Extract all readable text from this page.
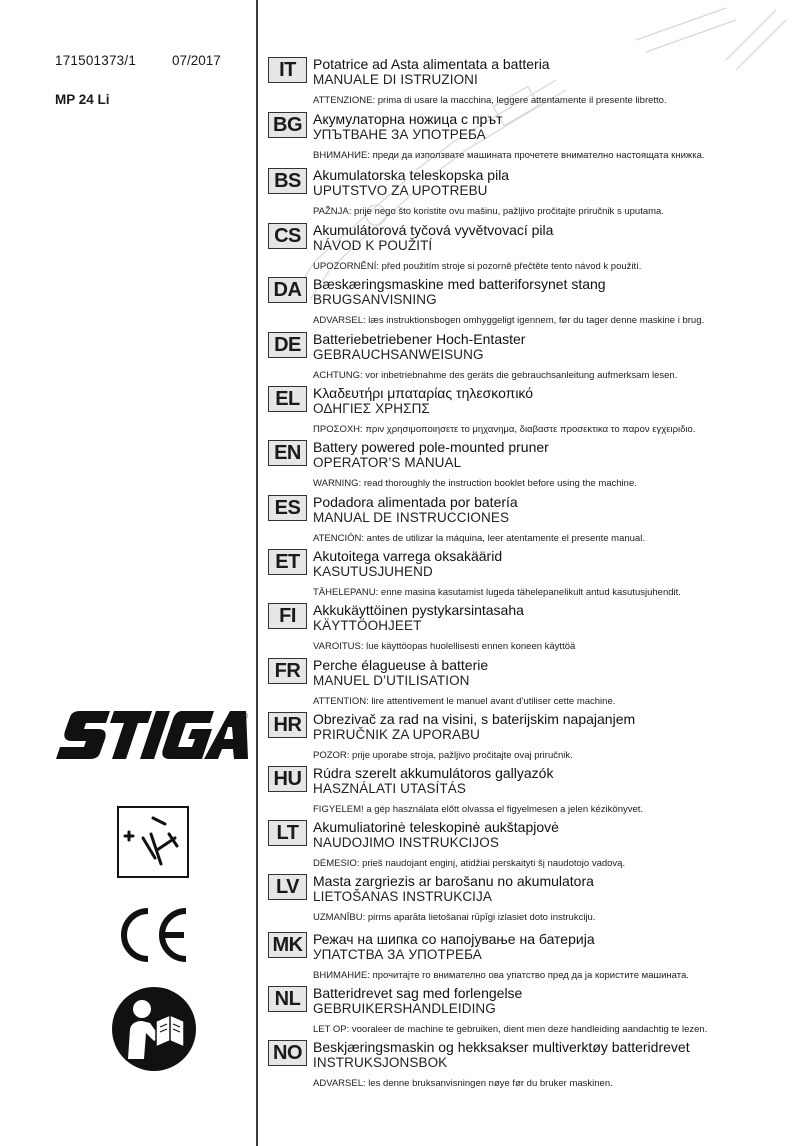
171501373/1	07/2017
MP 24 Li
®
IT	Potatrice ad Asta alimentata a batteria
MANUALE DI ISTRUZIONI
ATTENZIONE: prima di usare la macchina, leggere attentamente il presente libretto.
BG Акумулаторна ножица с прът
УПЪТВАНЕ ЗА УПОТРЕБА
ВНИМАНИЕ: преди да използвате машината прочетете внимателно настоящата книжка.
BS Akumulatorska teleskopska pila
UPUTSTVO ZA UPOTREBU
PAŽNJA: prije nego što koristite ovu mašinu, pažljivo pročitajte priručnik s uputama.
CS Akumulátorová tyčová vyvětvovací pila
NÁVOD K POUŽITÍ
UPOZORNĚNÍ: před použitím stroje si pozorně přečtěte tento návod k použití.
DA Bæskæringsmaskine med batteriforsynet stang
BRUGSANVISNING
ADVARSEL: læs instruktionsbogen omhyggeligt igennem, før du tager denne maskine i brug.
DE Batteriebetriebener Hoch-Entaster
GEBRAUCHSANWEISUNG
ACHTUNG: vor inbetriebnahme des geräts die gebrauchsanleitung aufmerksam lesen.
EL Κλαδευτήρι μπαταρίας τηλεσκοπικό
ΟΔΗΓΙΕΣ ΧΡΗΣΠΣ
ΠΡΟΣΟΧΗ: πριν χρησιμοποιησετε το μηχανημα, διαβαστε προσεκτικα το παρον εγχειριδιο.
EN Battery powered pole-mounted pruner
OPERATOR’S MANUAL
WARNING: read thoroughly the instruction booklet before using the machine.
ES Podadora alimentada por batería
MANUAL DE INSTRUCCIONES
ATENCIÓN: antes de utilizar la máquina, leer atentamente el presente manual.
ET Akutoitega varrega oksakäärid
KASUTUSJUHEND
TÄHELEPANU: enne masina kasutamist lugeda tähelepanelikult antud kasutusjuhendit.
FI	Akkukäyttöinen pystykarsintasaha
KÄYTTÖOHJEET
VAROITUS: lue käyttöopas huolellisesti ennen koneen käyttöä
FR Perche élagueuse à batterie
MANUEL D’UTILISATION
ATTENTION: lire attentivement le manuel avant d’utiliser cette machine.
HR Obrezivač za rad na visini, s baterijskim napajanjem
PRIRUČNIK ZA UPORABU
POZOR: prije uporabe stroja, pažljivo pročitajte ovaj priručnik.
HU Rúdra szerelt akkumulátoros gallyazók
HASZNÁLATI UTASÍTÁS
FIGYELEM! a gép használata előtt olvassa el figyelmesen a jelen kézikönyvet.
LT	Akumuliatorinė teleskopinė aukštapjovė
NAUDOJIMO INSTRUKCIJOS
DĖMESIO: prieš naudojant enginį, atidžiai perskaityti šį naudotojo vadovą.
LV Masta zargriezis ar barošanu no akumulatora
LIETOŠANAS INSTRUKCIJA
UZMANĪBU: pirms aparāta lietošanai rūpīgi izlasiet doto instrukciju.
MK Режач на шипка со напојување на батерија
УПАТСТВА ЗА УПОТРЕБА
ВНИМАНИЕ: прочитајте го внимателно ова упатство пред да ја користите машината.
NL Batteridrevet sag med forlengelse
GEBRUIKERSHANDLEIDING
LET OP: vooraleer de machine te gebruiken, dient men deze handleiding aandachtig te lezen.
NO Beskjæringsmaskin og hekksakser multiverktøy batteridrevet
INSTRUKSJONSBOK
ADVARSEL: les denne bruksanvisningen nøye før du bruker maskinen.
